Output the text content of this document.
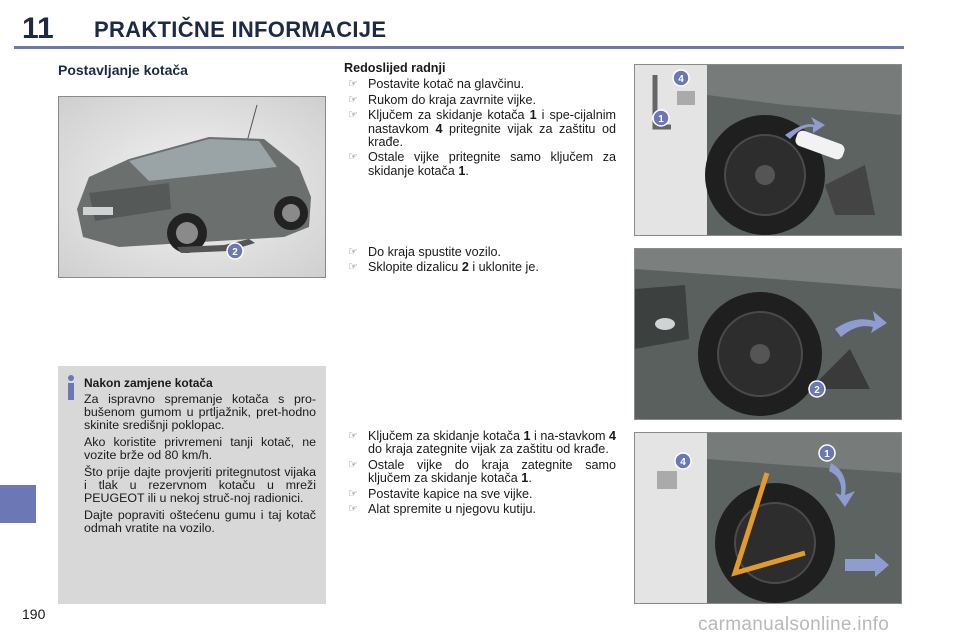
11 PRAKTIČNE INFORMACIJE
Postavljanje kotača
2
Nakon zamjene kotača
Za ispravno spremanje kotača s pro-bušenom gumom u prtljažnik, pret-hodno skinite središnji poklopac.
Ako koristite privremeni tanji kotač, ne vozite brže od 80 km/h.
Što prije dajte provjeriti pritegnutost vijaka i tlak u rezervnom kotaču u mreži PEUGEOT ili u nekoj struč-noj radionici.
Dajte popraviti oštećenu gumu i taj kotač odmah vratite na vozilo.
Redoslijed radnji
☞ Postavite kotač na glavčinu.
☞ Rukom do kraja zavrnite vijke.
☞ Ključem za skidanje kotača 1 i spe-cijalnim nastavkom 4 pritegnite vijak za zaštitu od krađe.
☞ Ostale vijke pritegnite samo ključem za skidanje kotača 1.
☞ Do kraja spustite vozilo.
☞ Sklopite dizalicu 2 i uklonite je.
☞ Ključem za skidanje kotača 1 i na-stavkom 4 do kraja zategnite vijak za zaštitu od krađe.
☞ Ostale vijke do kraja zategnite samo ključem za skidanje kotača 1.
☞ Postavite kapice na sve vijke.
☞ Alat spremite u njegovu kutiju.
4
1
2
1
4
190	carmanualsonline.info
